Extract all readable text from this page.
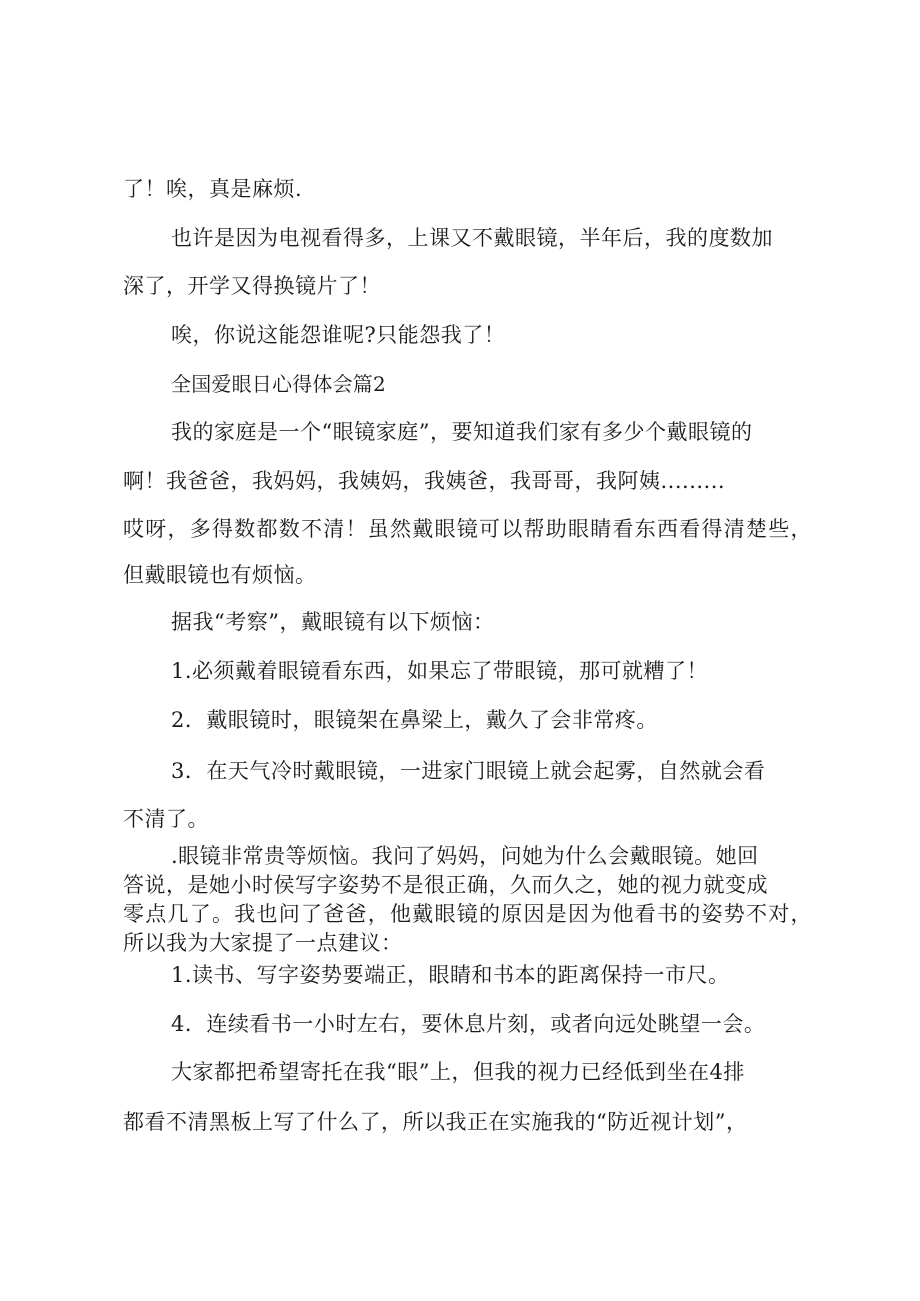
了！唉，真是麻烦.
也许是因为电视看得多，上课又不戴眼镜，半年后，我的度数加
深了，开学又得换镜片了！
唉，你说这能怨谁呢?只能怨我了！
全国爱眼日心得体会篇2
我的家庭是一个“眼镜家庭”，要知道我们家有多少个戴眼镜的
啊！我爸爸，我妈妈，我姨妈，我姨爸，我哥哥，我阿姨.........
哎呀，多得数都数不清！虽然戴眼镜可以帮助眼睛看东西看得清楚些，
但戴眼镜也有烦恼。
据我“考察”，戴眼镜有以下烦恼：
1.必须戴着眼镜看东西，如果忘了带眼镜，那可就糟了！
2．戴眼镜时，眼镜架在鼻梁上，戴久了会非常疼。
3．在天气冷时戴眼镜，一进家门眼镜上就会起雾，自然就会看
不清了。
.眼镜非常贵等烦恼。我问了妈妈，问她为什么会戴眼镜。她回
答说，是她小时侯写字姿势不是很正确，久而久之，她的视力就变成
零点几了。我也问了爸爸，他戴眼镜的原因是因为他看书的姿势不对，
所以我为大家提了一点建议：
1.读书、写字姿势要端正，眼睛和书本的距离保持一市尺。
4．连续看书一小时左右，要休息片刻，或者向远处眺望一会。
大家都把希望寄托在我“眼”上，但我的视力已经低到坐在4排
都看不清黑板上写了什么了，所以我正在实施我的“防近视计划”，
